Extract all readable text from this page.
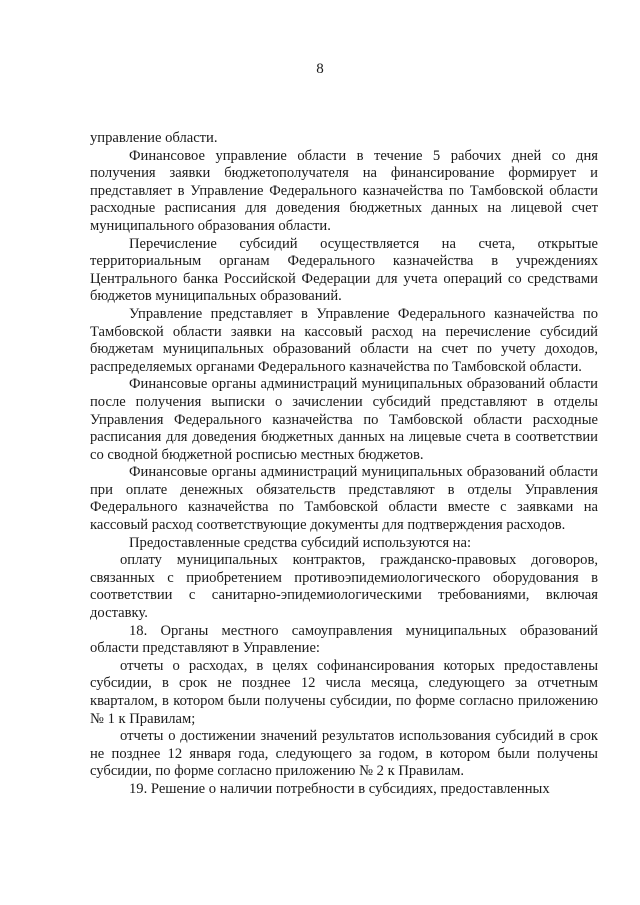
8

управление области.

Финансовое управление области в течение 5 рабочих дней со дня получения заявки бюджетополучателя на финансирование формирует и представляет в Управление Федерального казначейства по Тамбовской области расходные расписания для доведения бюджетных данных на лицевой счет муниципального образования области.

Перечисление субсидий осуществляется на счета, открытые территориальным органам Федерального казначейства в учреждениях Центрального банка Российской Федерации для учета операций со средствами бюджетов муниципальных образований.

Управление представляет в Управление Федерального казначейства по Тамбовской области заявки на кассовый расход на перечисление субсидий бюджетам муниципальных образований области на счет по учету доходов, распределяемых органами Федерального казначейства по Тамбовской области.

Финансовые органы администраций муниципальных образований области после получения выписки о зачислении субсидий представляют в отделы Управления Федерального казначейства по Тамбовской области расходные расписания для доведения бюджетных данных на лицевые счета в соответствии со сводной бюджетной росписью местных бюджетов.

Финансовые органы администраций муниципальных образований области при оплате денежных обязательств представляют в отделы Управления Федерального казначейства по Тамбовской области вместе с заявками на кассовый расход соответствующие документы для подтверждения расходов.

Предоставленные средства субсидий используются на:

оплату муниципальных контрактов, гражданско-правовых договоров, связанных с приобретением противоэпидемиологического оборудования в соответствии с санитарно-эпидемиологическими требованиями, включая доставку.

18. Органы местного самоуправления муниципальных образований области представляют в Управление:

отчеты о расходах, в целях софинансирования которых предоставлены субсидии, в срок не позднее 12 числа месяца, следующего за отчетным кварталом, в котором были получены субсидии, по форме согласно приложению № 1 к Правилам;

отчеты о достижении значений результатов использования субсидий в срок не позднее 12 января года, следующего за годом, в котором были получены субсидии, по форме согласно приложению № 2 к Правилам.

19. Решение о наличии потребности в субсидиях, предоставленных
